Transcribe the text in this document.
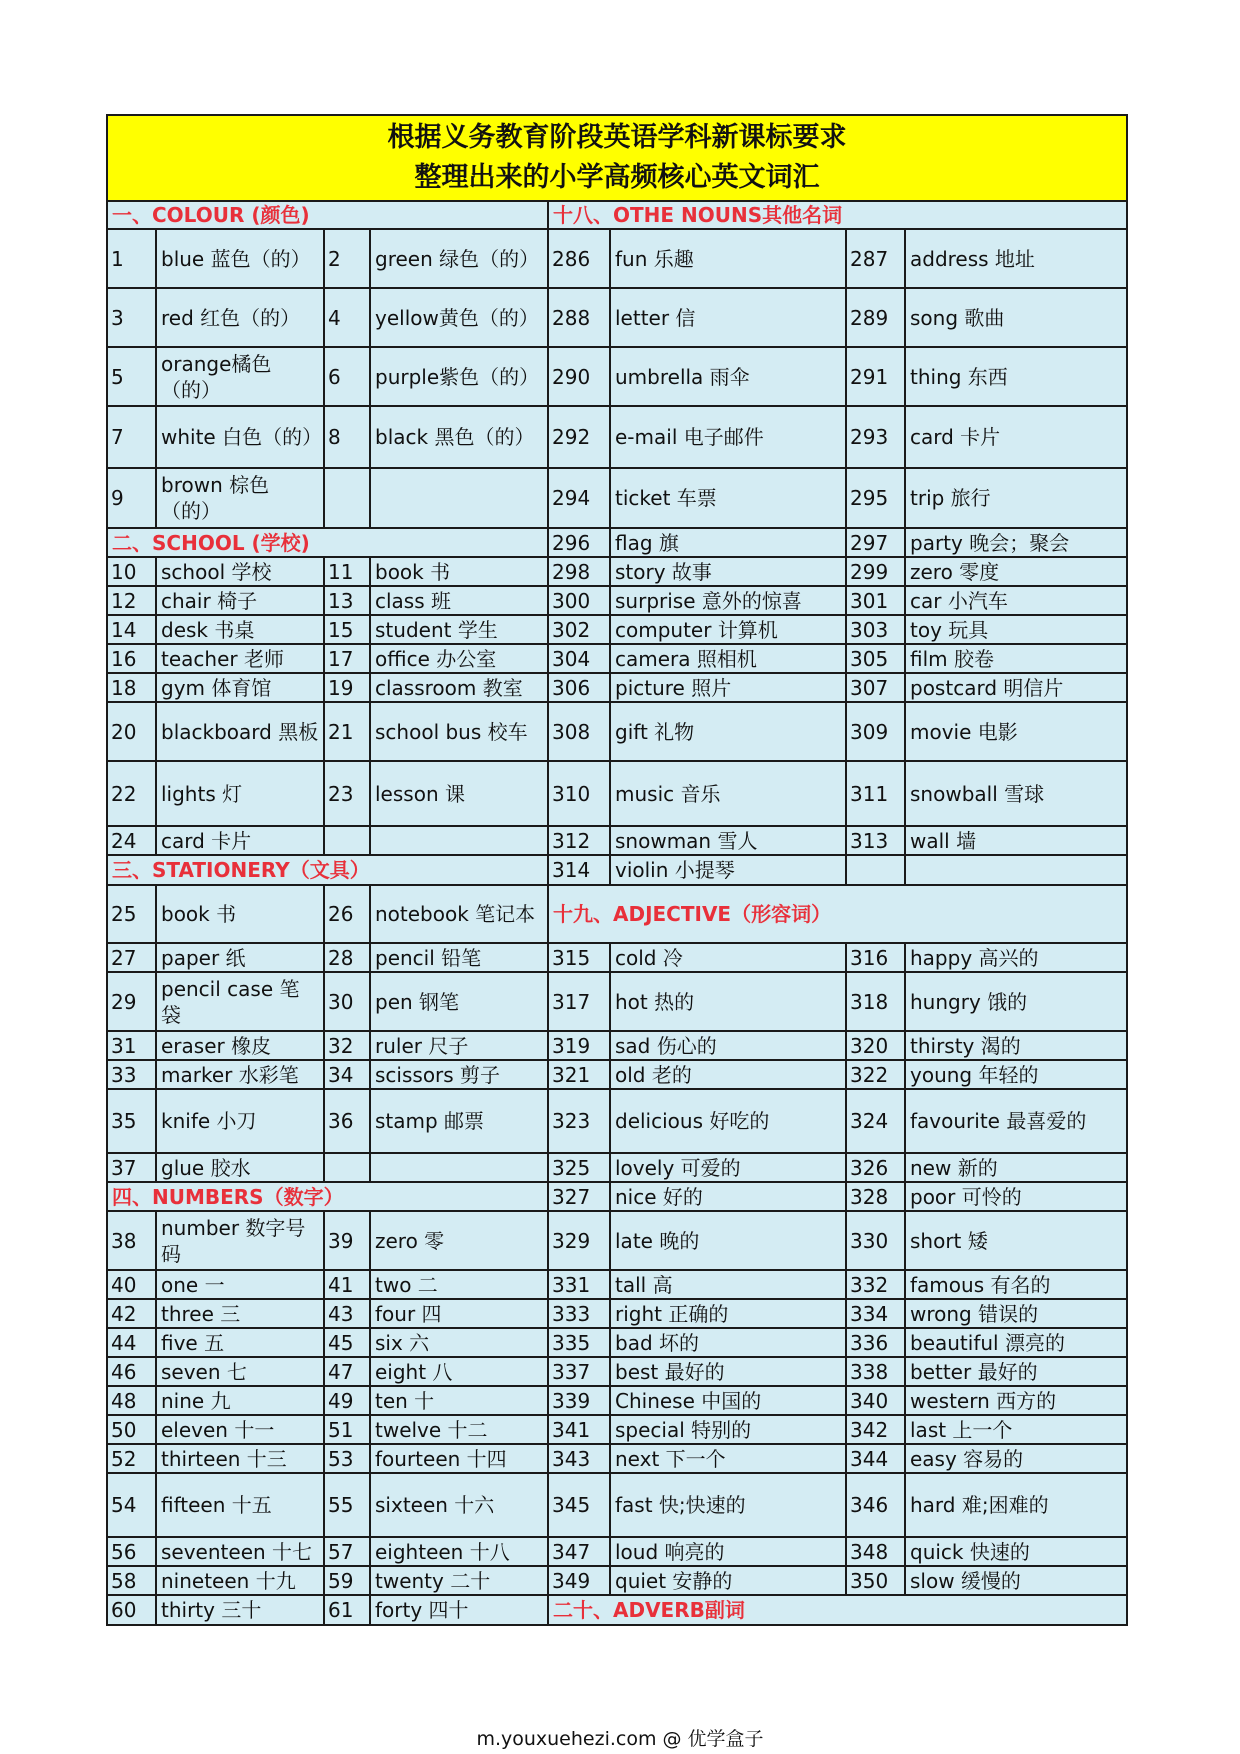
根据义务教育阶段英语学科新课标要求
整理出来的小学高频核心英文词汇							

一、COLOUR (颜色)				十八、OTHE NOUNS其他名词			
1	blue 蓝色（的）	2	green 绿色（的）	286	fun 乐趣	287	address 地址
3	red 红色（的）	4	yellow黄色（的）	288	letter 信	289	song 歌曲
5	orange橘色（的）	6	purple紫色（的）	290	umbrella 雨伞	291	thing 东西
7	white 白色（的）	8	black 黑色（的）	292	e-mail 电子邮件	293	card 卡片
9	brown 棕色（的）			294	ticket 车票	295	trip 旅行
二、SCHOOL (学校)				296	flag 旗	297	party 晚会；聚会
10	school 学校	11	book 书	298	story 故事	299	zero 零度
12	chair 椅子	13	class 班	300	surprise 意外的惊喜	301	car 小汽车
14	desk 书桌	15	student 学生	302	computer 计算机	303	toy 玩具
16	teacher 老师	17	office 办公室	304	camera 照相机	305	film 胶卷
18	gym 体育馆	19	classroom 教室	306	picture 照片	307	postcard 明信片
20	blackboard 黑板	21	school bus 校车	308	gift 礼物	309	movie 电影
22	lights 灯	23	lesson 课	310	music 音乐	311	snowball 雪球
24	card 卡片			312	snowman 雪人	313	wall 墙
三、STATIONERY（文具）				314	violin 小提琴		
25	book 书	26	notebook 笔记本	十九、ADJECTIVE（形容词）			
27	paper 纸	28	pencil 铅笔	315	cold 冷	316	happy 高兴的
29	pencil case 笔袋	30	pen 钢笔	317	hot 热的	318	hungry 饿的
31	eraser 橡皮	32	ruler 尺子	319	sad 伤心的	320	thirsty 渴的
33	marker 水彩笔	34	scissors 剪子	321	old 老的	322	young 年轻的
35	knife 小刀	36	stamp 邮票	323	delicious 好吃的	324	favourite 最喜爱的
37	glue 胶水			325	lovely 可爱的	326	new 新的
四、NUMBERS（数字）				327	nice 好的	328	poor 可怜的
38	number 数字号码	39	zero 零	329	late 晚的	330	short 矮
40	one 一	41	two 二	331	tall 高	332	famous 有名的
42	three 三	43	four 四	333	right 正确的	334	wrong 错误的
44	five 五	45	six 六	335	bad 坏的	336	beautiful 漂亮的
46	seven 七	47	eight 八	337	best 最好的	338	better 最好的
48	nine 九	49	ten 十	339	Chinese 中国的	340	western 西方的
50	eleven 十一	51	twelve 十二	341	special 特别的	342	last 上一个
52	thirteen 十三	53	fourteen 十四	343	next 下一个	344	easy 容易的
54	fifteen 十五	55	sixteen 十六	345	fast 快;快速的	346	hard 难;困难的
56	seventeen 十七	57	eighteen 十八	347	loud 响亮的	348	quick 快速的
58	nineteen 十九	59	twenty 二十	349	quiet 安静的	350	slow 缓慢的
60	thirty 三十	61	forty 四十	二十、ADVERB副词			
m.youxuehezi.com @ 优学盒子
